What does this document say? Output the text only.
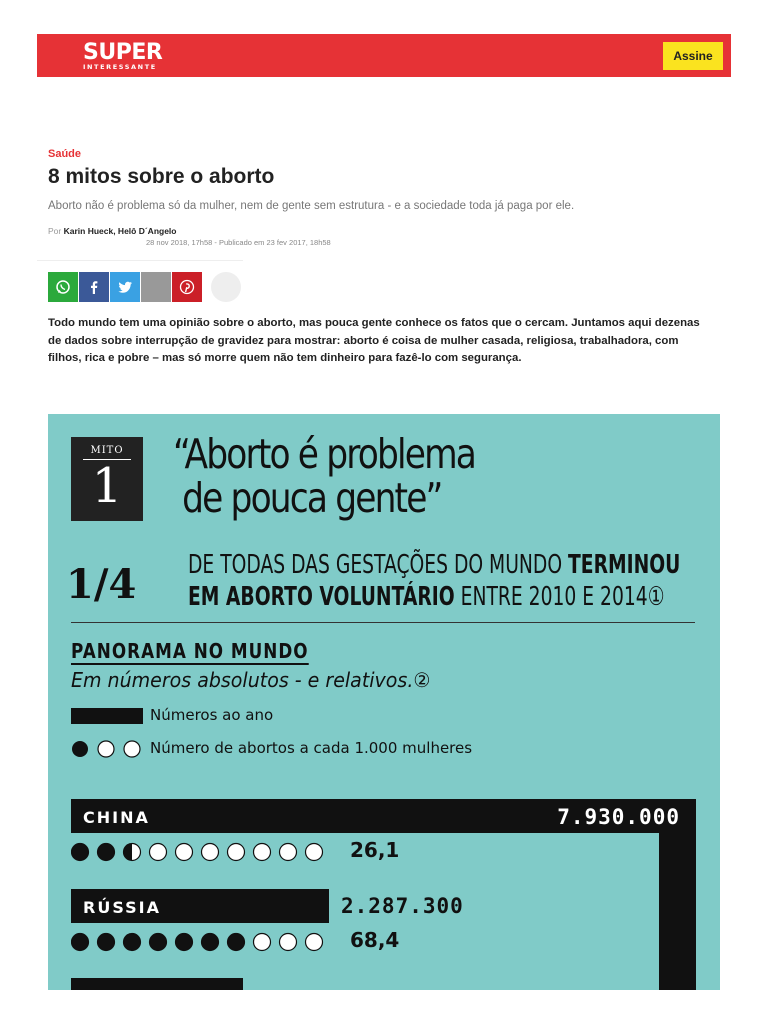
SUPER
INTERESSANTE
Assine
Saúde
8 mitos sobre o aborto

Aborto não é problema só da mulher, nem de gente sem estrutura - e a sociedade toda já paga por ele.

Por Karin Hueck, Helô D´Angelo
28 nov 2018, 17h58 - Publicado em 23 fev 2017, 18h58

Todo mundo tem uma opinião sobre o aborto, mas pouca gente conhece os fatos que o cercam. Juntamos aqui dezenas de dados sobre interrupção de gravidez para mostrar: aborto é coisa de mulher casada, religiosa, trabalhadora, com filhos, rica e pobre – mas só morre quem não tem dinheiro para fazê-lo com segurança.

MITO
1
“Aborto é problema
de pouca gente”
1/4 DE TODAS DAS GESTAÇÕES DO MUNDO TERMINOU
EM ABORTO VOLUNTÁRIO ENTRE 2010 E 2014①
PANORAMA NO MUNDO
Em números absolutos - e relativos.②
Números ao ano
Número de abortos a cada 1.000 mulheres
CHINA	7.930.000
26,1
RÚSSIA	2.287.300
68,4
